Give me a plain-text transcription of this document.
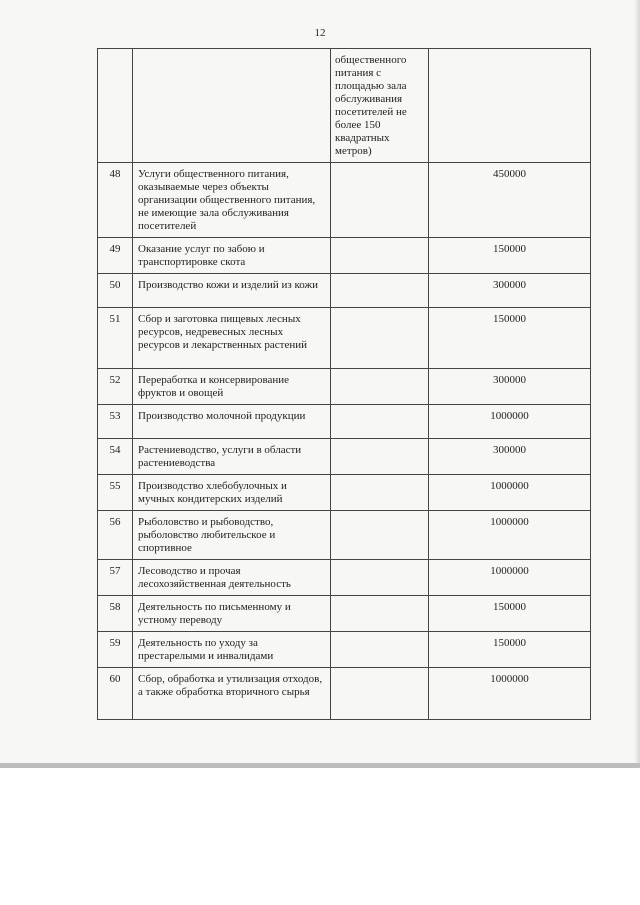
12
		общественного питания с площадью зала обслуживания посетителей не более 150 квадратных метров)	
48	Услуги общественного питания, оказываемые через объекты организации общественного питания, не имеющие зала обслуживания посетителей		450000
49	Оказание услуг по забою и транспортировке скота		150000
50	Производство кожи и изделий из кожи		300000
51	Сбор и заготовка пищевых лесных ресурсов, недревесных лесных ресурсов и лекарственных растений		150000
52	Переработка и консервирование фруктов и овощей		300000
53	Производство молочной продукции		1000000
54	Растениеводство, услуги в области растениеводства		300000
55	Производство хлебобулочных и мучных кондитерских изделий		1000000
56	Рыболовство и рыбоводство, рыболовство любительское и спортивное		1000000
57	Лесоводство и прочая лесохозяйственная деятельность		1000000
58	Деятельность по письменному и устному переводу		150000
59	Деятельность по уходу за престарелыми и инвалидами		150000
60	Сбор, обработка и утилизация отходов, а также обработка вторичного сырья		1000000
